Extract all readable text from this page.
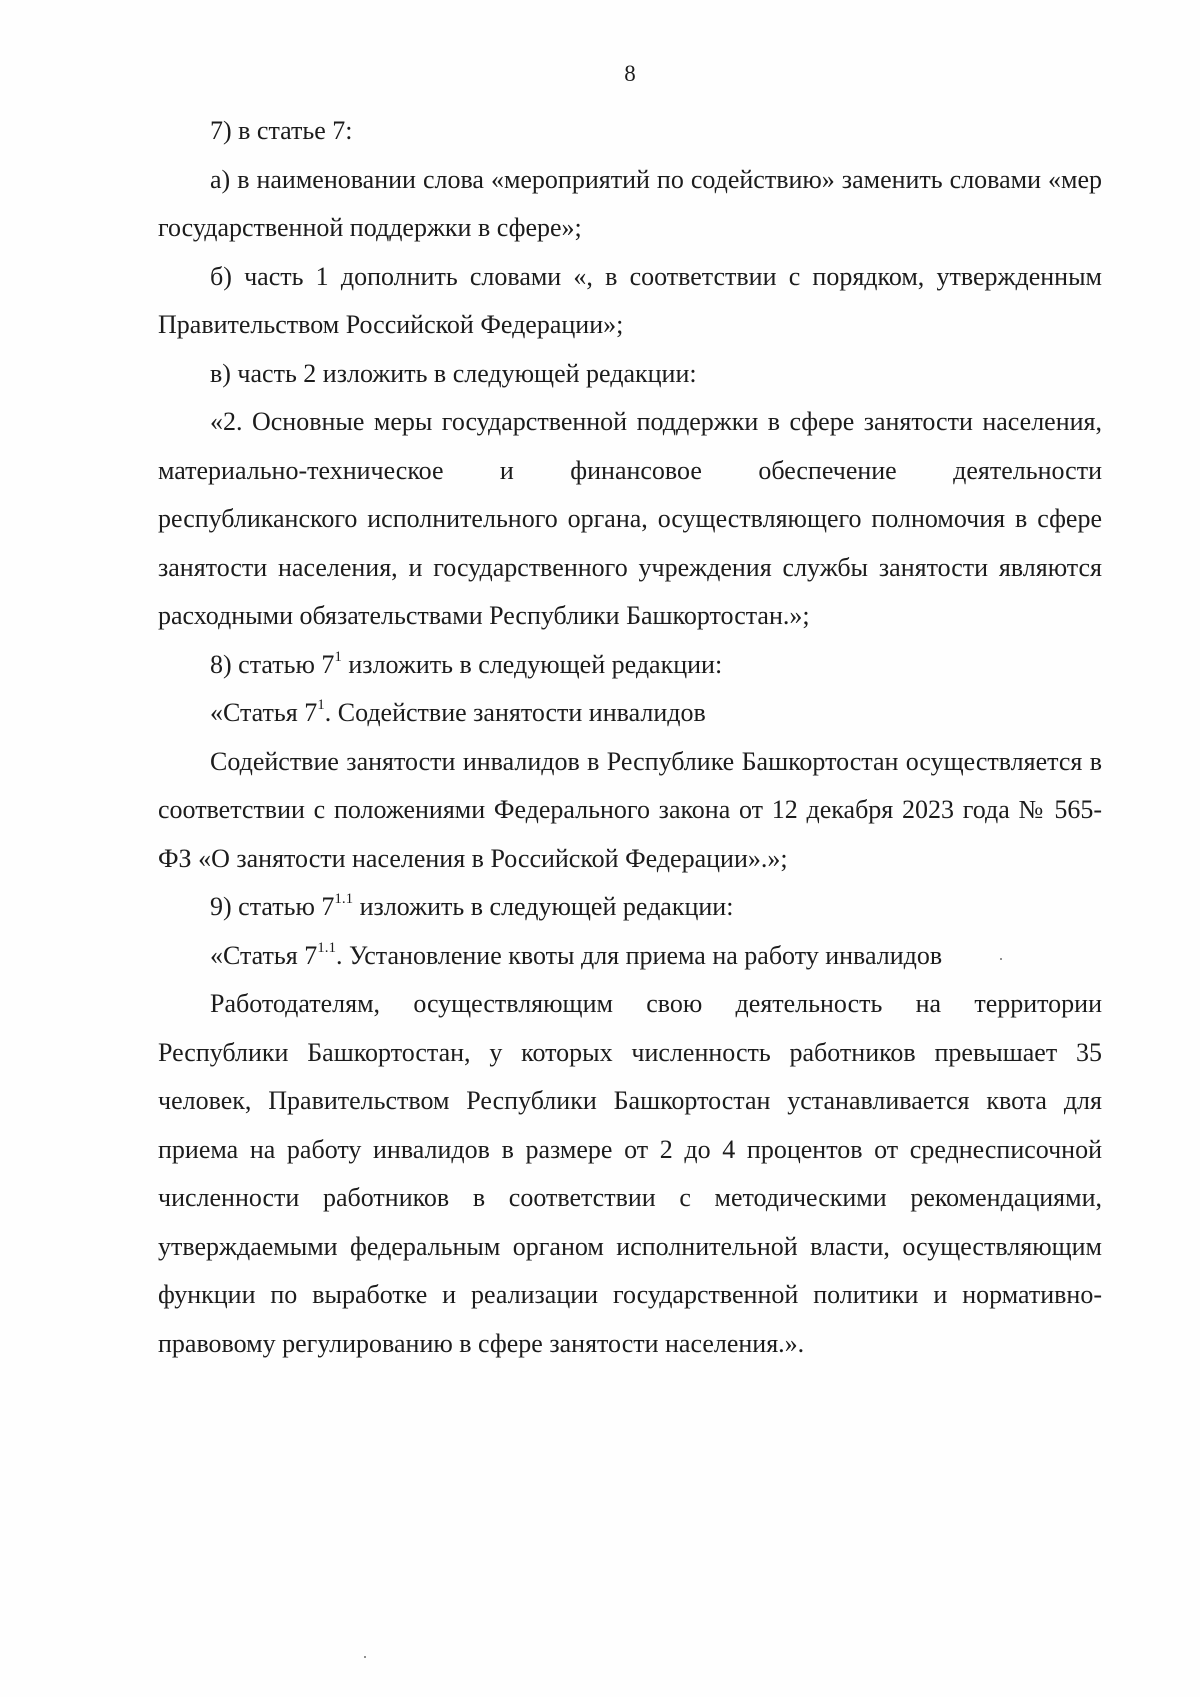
8

7) в статье 7:

а) в наименовании слова «мероприятий по содействию» заменить словами «мер государственной поддержки в сфере»;

б) часть 1 дополнить словами «, в соответствии с порядком, утвержденным Правительством Российской Федерации»;

в) часть 2 изложить в следующей редакции:

«2. Основные меры государственной поддержки в сфере занятости населения, материально-техническое и финансовое обеспечение деятельности республиканского исполнительного органа, осуществляющего полномочия в сфере занятости населения, и государственного учреждения службы занятости являются расходными обязательствами Республики Башкортостан.»;

8) статью $7^1$ изложить в следующей редакции:

«Статья $7^1$. Содействие занятости инвалидов

Содействие занятости инвалидов в Республике Башкортостан осуществляется в соответствии с положениями Федерального закона от 12 декабря 2023 года № 565-ФЗ «О занятости населения в Российской Федерации».»;

9) статью $7^{1.1}$ изложить в следующей редакции:

«Статья $7^{1.1}$. Установление квоты для приема на работу инвалидов

Работодателям, осуществляющим свою деятельность на территории Республики Башкортостан, у которых численность работников превышает 35 человек, Правительством Республики Башкортостан устанавливается квота для приема на работу инвалидов в размере от 2 до 4 процентов от среднесписочной численности работников в соответствии с методическими рекомендациями, утверждаемыми федеральным органом исполнительной власти, осуществляющим функции по выработке и реализации государственной политики и нормативно-правовому регулированию в сфере занятости населения.».
